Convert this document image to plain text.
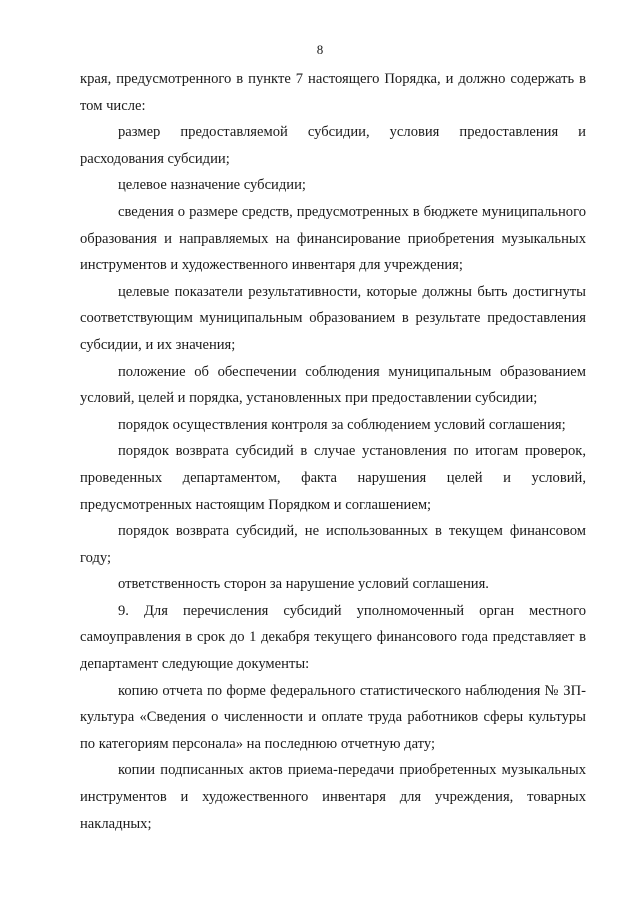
8

края, предусмотренного в пункте 7 настоящего Порядка, и должно содержать в том числе:

размер предоставляемой субсидии, условия предоставления и расходования субсидии;

целевое назначение субсидии;

сведения о размере средств, предусмотренных в бюджете муниципального образования и направляемых на финансирование приобретения музыкальных инструментов и художественного инвентаря для учреждения;

целевые показатели результативности, которые должны быть достигнуты соответствующим муниципальным образованием в результате предоставления субсидии, и их значения;

положение об обеспечении соблюдения муниципальным образованием условий, целей и порядка, установленных при предоставлении субсидии;

порядок осуществления контроля за соблюдением условий соглашения;

порядок возврата субсидий в случае установления по итогам проверок, проведенных департаментом, факта нарушения целей и условий, предусмотренных настоящим Порядком и соглашением;

порядок возврата субсидий, не использованных в текущем финансовом году;

ответственность сторон за нарушение условий соглашения.

9. Для перечисления субсидий уполномоченный орган местного самоуправления в срок до 1 декабря текущего финансового года представляет в департамент следующие документы:

копию отчета по форме федерального статистического наблюдения № ЗП-культура «Сведения о численности и оплате труда работников сферы культуры по категориям персонала» на последнюю отчетную дату;

копии подписанных актов приема-передачи приобретенных музыкальных инструментов и художественного инвентаря для учреждения, товарных накладных;
